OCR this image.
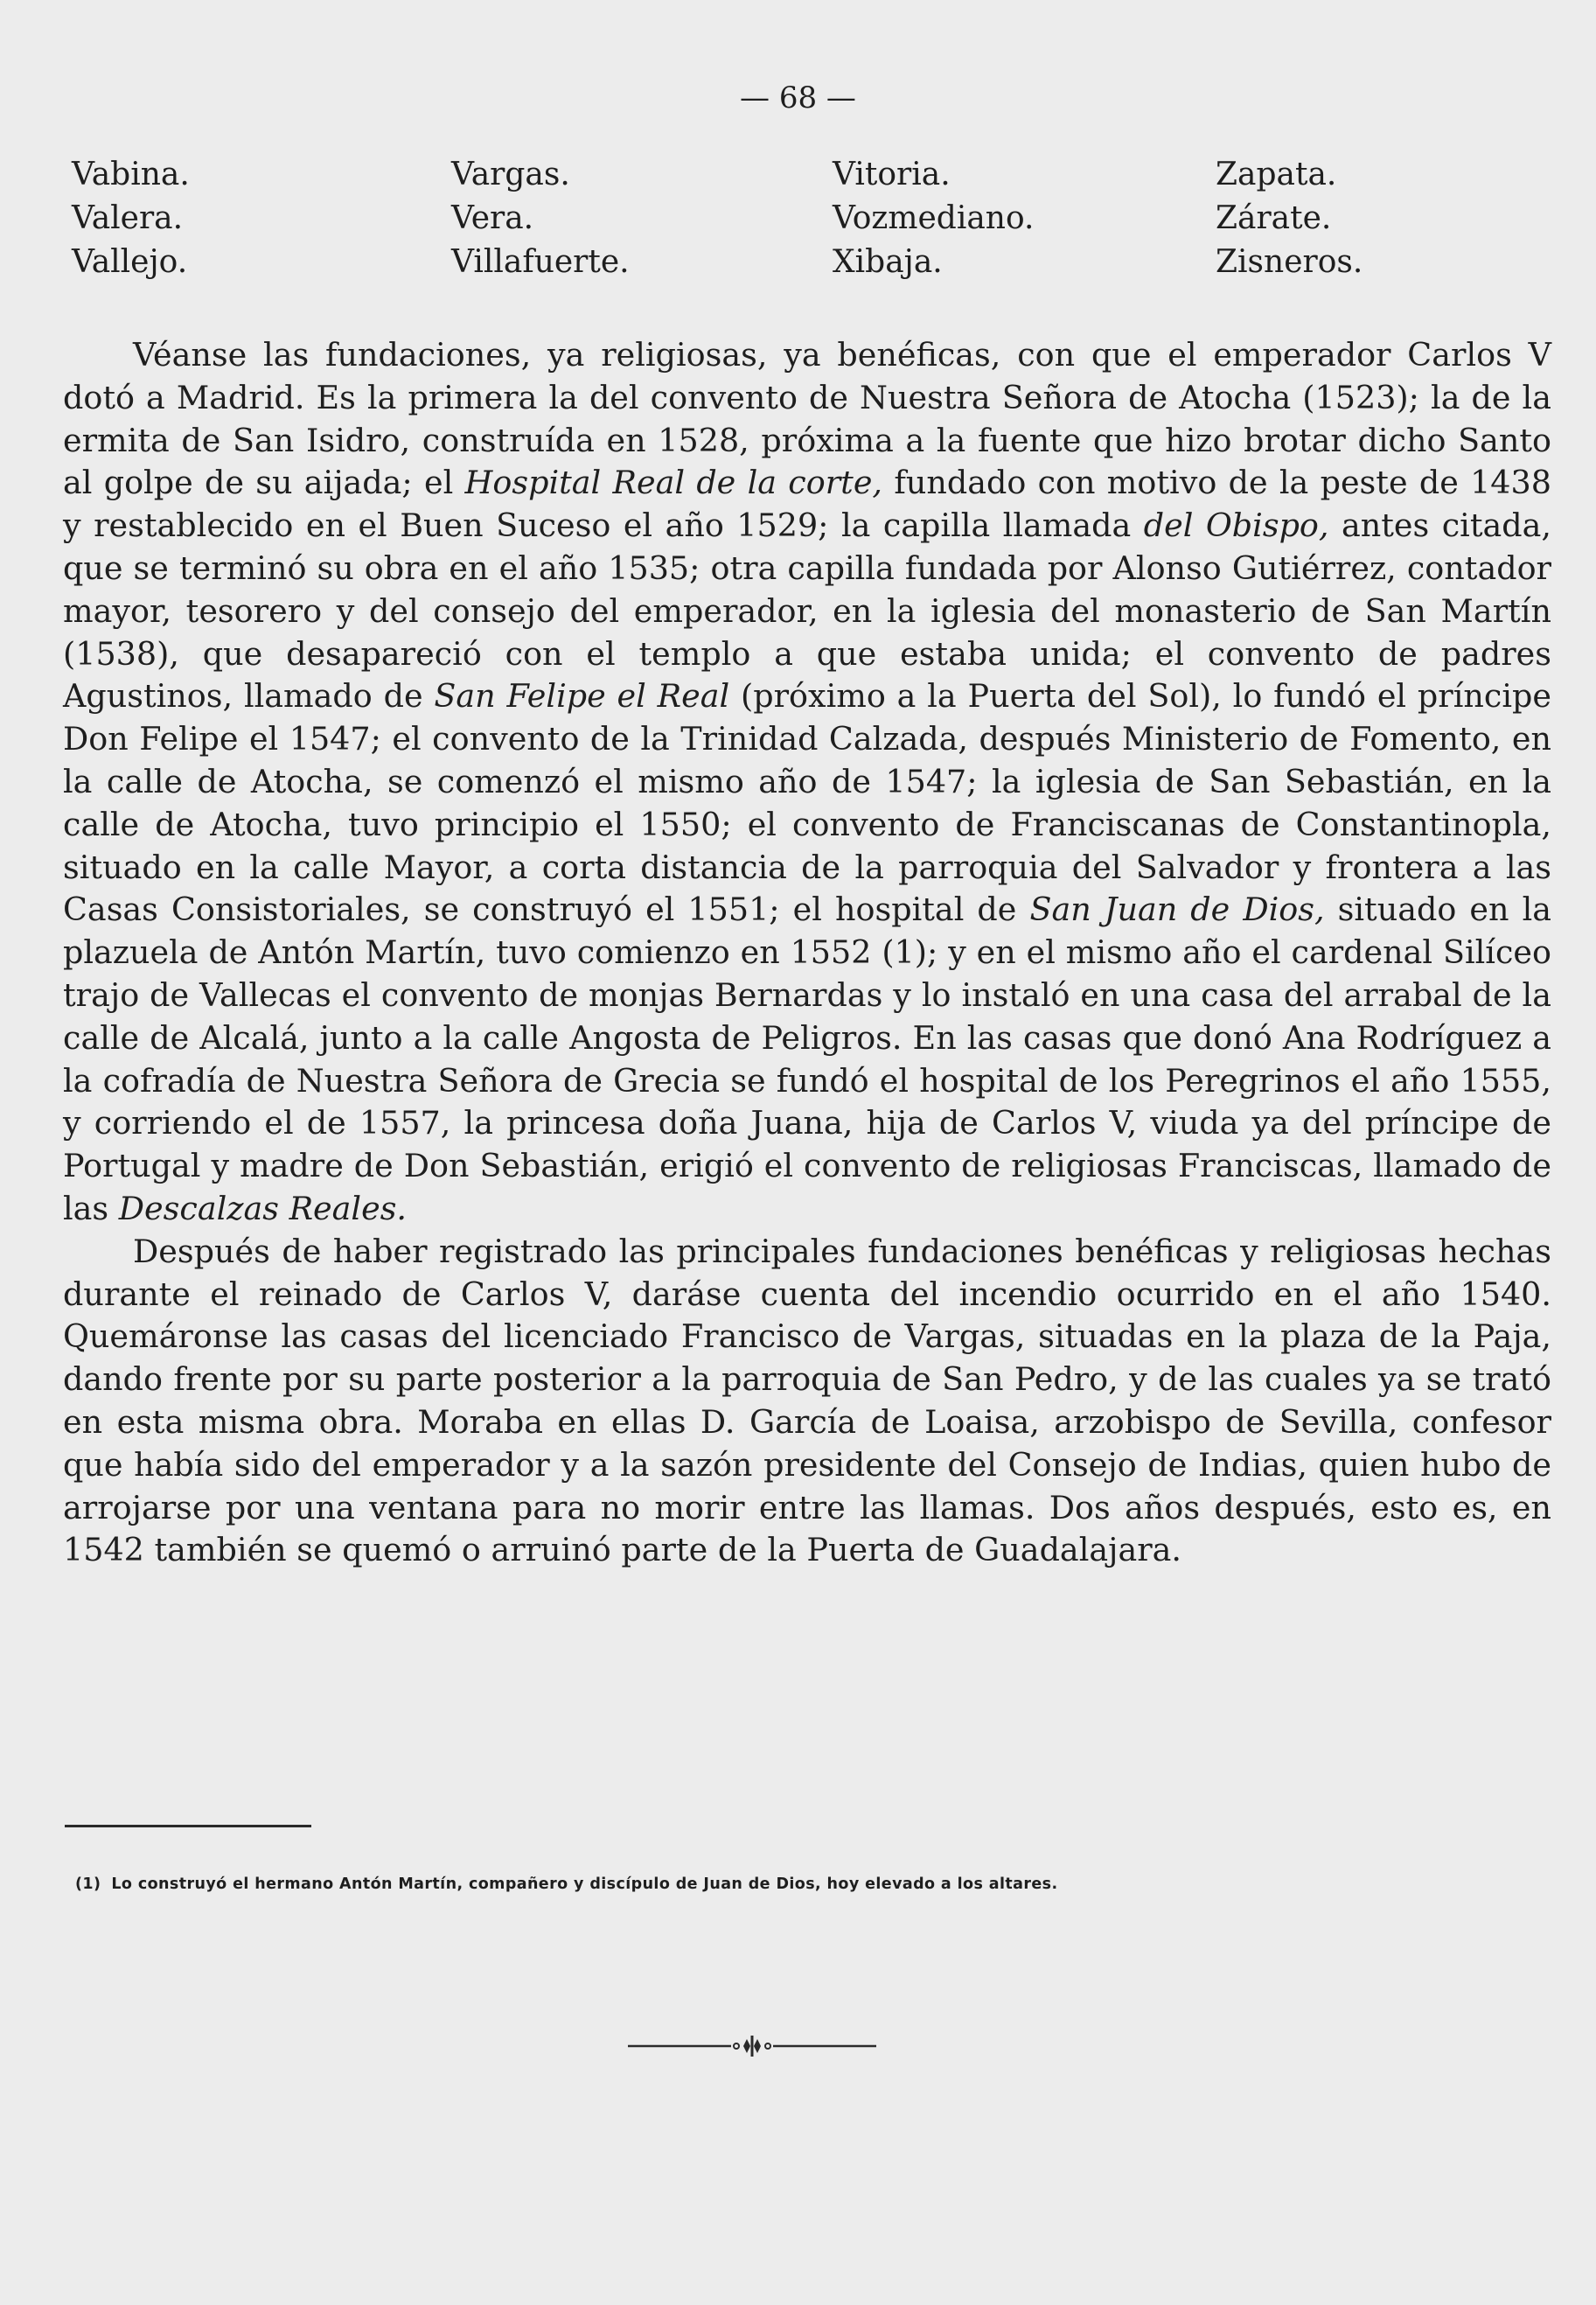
— 68 —
Vabina.	Vargas.	Vitoria.	Zapata.
Valera.	Vera.	Vozmediano.	Zárate.
Vallejo.	Villafuerte.	Xibaja.	Zisneros.

Véanse las fundaciones, ya religiosas, ya benéficas, con que el emperador Carlos V dotó a Madrid. Es la primera la del convento de Nuestra Señora de Atocha (1523); la de la ermita de San Isidro, construída en 1528, próxima a la fuente que hizo brotar dicho Santo al golpe de su aijada; el Hospital Real de la corte, fundado con motivo de la peste de 1438 y restablecido en el Buen Suceso el año 1529; la capilla llamada del Obispo, antes citada, que se terminó su obra en el año 1535; otra capilla fundada por Alonso Gutiérrez, contador mayor, tesorero y del consejo del emperador, en la iglesia del monasterio de San Martín (1538), que desapareció con el templo a que estaba unida; el convento de padres Agustinos, llamado de San Felipe el Real (próximo a la Puerta del Sol), lo fundó el príncipe Don Felipe el 1547; el convento de la Trinidad Calzada, después Ministerio de Fomento, en la calle de Atocha, se comenzó el mismo año de 1547; la iglesia de San Sebastián, en la calle de Atocha, tuvo principio el 1550; el convento de Franciscanas de Constantinopla, situado en la calle Mayor, a corta distancia de la parroquia del Salvador y frontera a las Casas Consistoriales, se construyó el 1551; el hospital de San Juan de Dios, situado en la plazuela de Antón Martín, tuvo comienzo en 1552 (1); y en el mismo año el cardenal Silíceo trajo de Vallecas el convento de monjas Bernardas y lo instaló en una casa del arrabal de la calle de Alcalá, junto a la calle Angosta de Peligros. En las casas que donó Ana Rodríguez a la cofradía de Nuestra Señora de Grecia se fundó el hospital de los Peregrinos el año 1555, y corriendo el de 1557, la princesa doña Juana, hija de Carlos V, viuda ya del príncipe de Portugal y madre de Don Sebastián, erigió el convento de religiosas Franciscas, llamado de las Descalzas Reales.

Después de haber registrado las principales fundaciones benéficas y religiosas hechas durante el reinado de Carlos V, daráse cuenta del incendio ocurrido en el año 1540. Quemáronse las casas del licenciado Francisco de Vargas, situadas en la plaza de la Paja, dando frente por su parte posterior a la parroquia de San Pedro, y de las cuales ya se trató en esta misma obra. Moraba en ellas D. García de Loaisa, arzobispo de Sevilla, confesor que había sido del emperador y a la sazón presidente del Consejo de Indias, quien hubo de arrojarse por una ventana para no morir entre las llamas. Dos años después, esto es, en 1542 también se quemó o arruinó parte de la Puerta de Guadalajara.

(1) Lo construyó el hermano Antón Martín, compañero y discípulo de Juan de Dios, hoy elevado a los altares.
